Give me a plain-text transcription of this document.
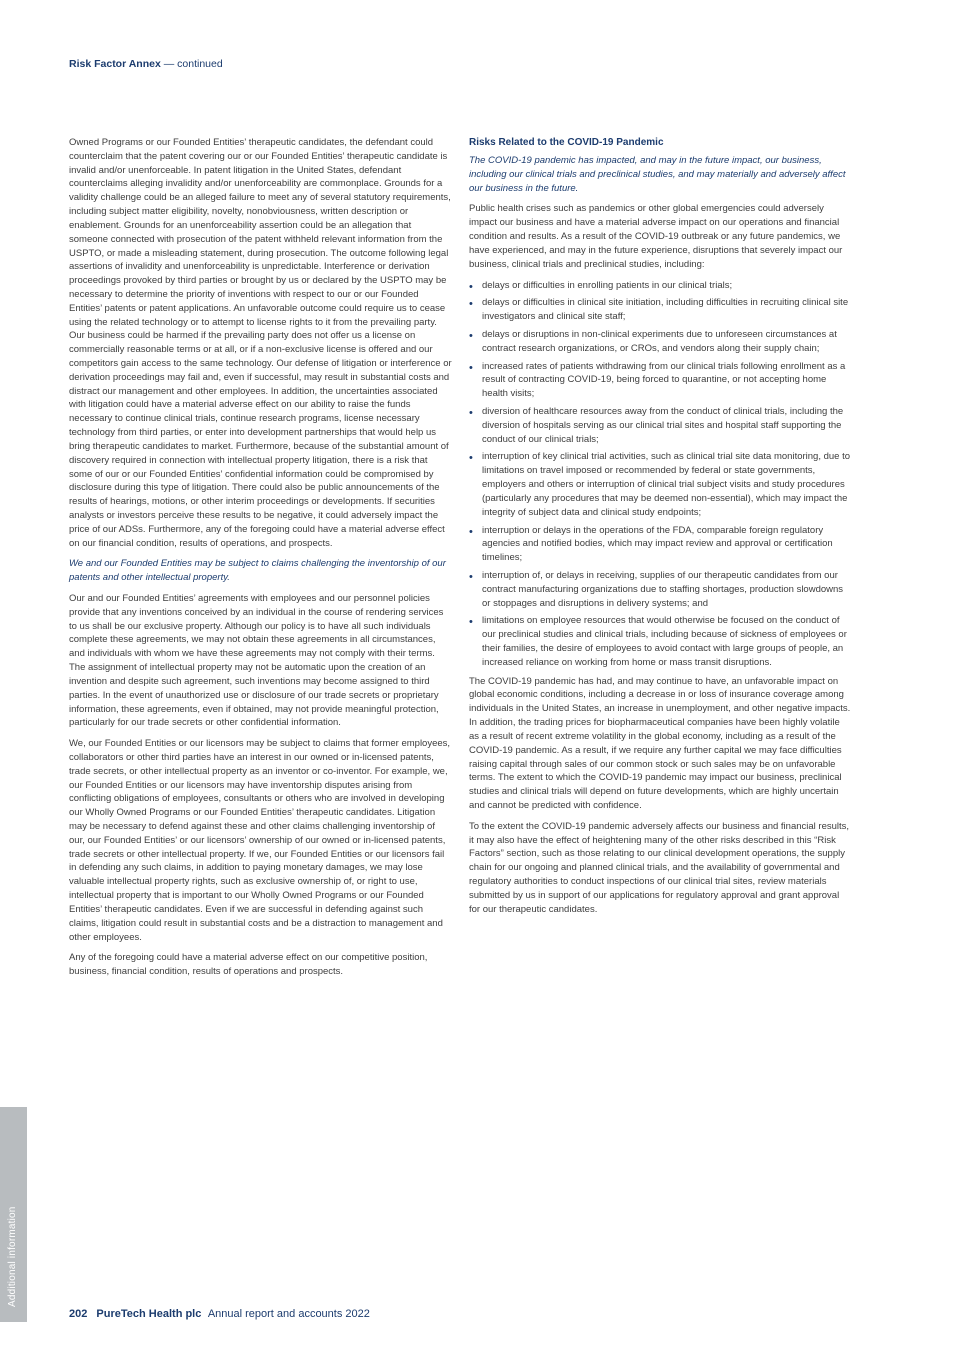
Risk Factor Annex — continued

Owned Programs or our Founded Entities’ therapeutic candidates, the defendant could counterclaim that the patent covering our or our Founded Entities’ therapeutic candidate is invalid and/or unenforceable. In patent litigation in the United States, defendant counterclaims alleging invalidity and/or unenforceability are commonplace. Grounds for a validity challenge could be an alleged failure to meet any of several statutory requirements, including subject matter eligibility, novelty, nonobviousness, written description or enablement. Grounds for an unenforceability assertion could be an allegation that someone connected with prosecution of the patent withheld relevant information from the USPTO, or made a misleading statement, during prosecution. The outcome following legal assertions of invalidity and unenforceability is unpredictable. Interference or derivation proceedings provoked by third parties or brought by us or declared by the USPTO may be necessary to determine the priority of inventions with respect to our or our Founded Entities’ patents or patent applications. An unfavorable outcome could require us to cease using the related technology or to attempt to license rights to it from the prevailing party. Our business could be harmed if the prevailing party does not offer us a license on commercially reasonable terms or at all, or if a non-exclusive license is offered and our competitors gain access to the same technology. Our defense of litigation or interference or derivation proceedings may fail and, even if successful, may result in substantial costs and distract our management and other employees. In addition, the uncertainties associated with litigation could have a material adverse effect on our ability to raise the funds necessary to continue clinical trials, continue research programs, license necessary technology from third parties, or enter into development partnerships that would help us bring therapeutic candidates to market. Furthermore, because of the substantial amount of discovery required in connection with intellectual property litigation, there is a risk that some of our or our Founded Entities’ confidential information could be compromised by disclosure during this type of litigation. There could also be public announcements of the results of hearings, motions, or other interim proceedings or developments. If securities analysts or investors perceive these results to be negative, it could adversely impact the price of our ADSs. Furthermore, any of the foregoing could have a material adverse effect on our financial condition, results of operations, and prospects.

We and our Founded Entities may be subject to claims challenging the inventorship of our patents and other intellectual property.

Our and our Founded Entities’ agreements with employees and our personnel policies provide that any inventions conceived by an individual in the course of rendering services to us shall be our exclusive property. Although our policy is to have all such individuals complete these agreements, we may not obtain these agreements in all circumstances, and individuals with whom we have these agreements may not comply with their terms. The assignment of intellectual property may not be automatic upon the creation of an invention and despite such agreement, such inventions may become assigned to third parties. In the event of unauthorized use or disclosure of our trade secrets or proprietary information, these agreements, even if obtained, may not provide meaningful protection, particularly for our trade secrets or other confidential information.

We, our Founded Entities or our licensors may be subject to claims that former employees, collaborators or other third parties have an interest in our owned or in-licensed patents, trade secrets, or other intellectual property as an inventor or co-inventor. For example, we, our Founded Entities or our licensors may have inventorship disputes arising from conflicting obligations of employees, consultants or others who are involved in developing our Wholly Owned Programs or our Founded Entities’ therapeutic candidates. Litigation may be necessary to defend against these and other claims challenging inventorship of our, our Founded Entities’ or our licensors’ ownership of our owned or in-licensed patents, trade secrets or other intellectual property. If we, our Founded Entities or our licensors fail in defending any such claims, in addition to paying monetary damages, we may lose valuable intellectual property rights, such as exclusive ownership of, or right to use, intellectual property that is important to our Wholly Owned Programs or our Founded Entities’ therapeutic candidates. Even if we are successful in defending against such claims, litigation could result in substantial costs and be a distraction to management and other employees.

Any of the foregoing could have a material adverse effect on our competitive position, business, financial condition, results of operations and prospects.

Risks Related to the COVID-19 Pandemic

The COVID-19 pandemic has impacted, and may in the future impact, our business, including our clinical trials and preclinical studies, and may materially and adversely affect our business in the future.

Public health crises such as pandemics or other global emergencies could adversely impact our business and have a material adverse impact on our operations and financial condition and results. As a result of the COVID-19 outbreak or any future pandemics, we have experienced, and may in the future experience, disruptions that severely impact our business, clinical trials and preclinical studies, including:

• delays or difficulties in enrolling patients in our clinical trials;
• delays or difficulties in clinical site initiation, including difficulties in recruiting clinical site investigators and clinical site staff;
• delays or disruptions in non-clinical experiments due to unforeseen circumstances at contract research organizations, or CROs, and vendors along their supply chain;
• increased rates of patients withdrawing from our clinical trials following enrollment as a result of contracting COVID-19, being forced to quarantine, or not accepting home health visits;
• diversion of healthcare resources away from the conduct of clinical trials, including the diversion of hospitals serving as our clinical trial sites and hospital staff supporting the conduct of our clinical trials;
• interruption of key clinical trial activities, such as clinical trial site data monitoring, due to limitations on travel imposed or recommended by federal or state governments, employers and others or interruption of clinical trial subject visits and study procedures (particularly any procedures that may be deemed non-essential), which may impact the integrity of subject data and clinical study endpoints;
• interruption or delays in the operations of the FDA, comparable foreign regulatory agencies and notified bodies, which may impact review and approval or certification timelines;
• interruption of, or delays in receiving, supplies of our therapeutic candidates from our contract manufacturing organizations due to staffing shortages, production slowdowns or stoppages and disruptions in delivery systems; and
• limitations on employee resources that would otherwise be focused on the conduct of our preclinical studies and clinical trials, including because of sickness of employees or their families, the desire of employees to avoid contact with large groups of people, an increased reliance on working from home or mass transit disruptions.

The COVID-19 pandemic has had, and may continue to have, an unfavorable impact on global economic conditions, including a decrease in or loss of insurance coverage among individuals in the United States, an increase in unemployment, and other negative impacts. In addition, the trading prices for biopharmaceutical companies have been highly volatile as a result of recent extreme volatility in the global economy, including as a result of the COVID-19 pandemic. As a result, if we require any further capital we may face difficulties raising capital through sales of our common stock or such sales may be on unfavorable terms. The extent to which the COVID-19 pandemic may impact our business, preclinical studies and clinical trials will depend on future developments, which are highly uncertain and cannot be predicted with confidence.

To the extent the COVID-19 pandemic adversely affects our business and financial results, it may also have the effect of heightening many of the other risks described in this “Risk Factors” section, such as those relating to our clinical development operations, the supply chain for our ongoing and planned clinical trials, and the availability of governmental and regulatory authorities to conduct inspections of our clinical trial sites, review materials submitted by us in support of our applications for regulatory approval and grant approval for our therapeutic candidates.

Additional information
202 PureTech Health plc Annual report and accounts 2022
